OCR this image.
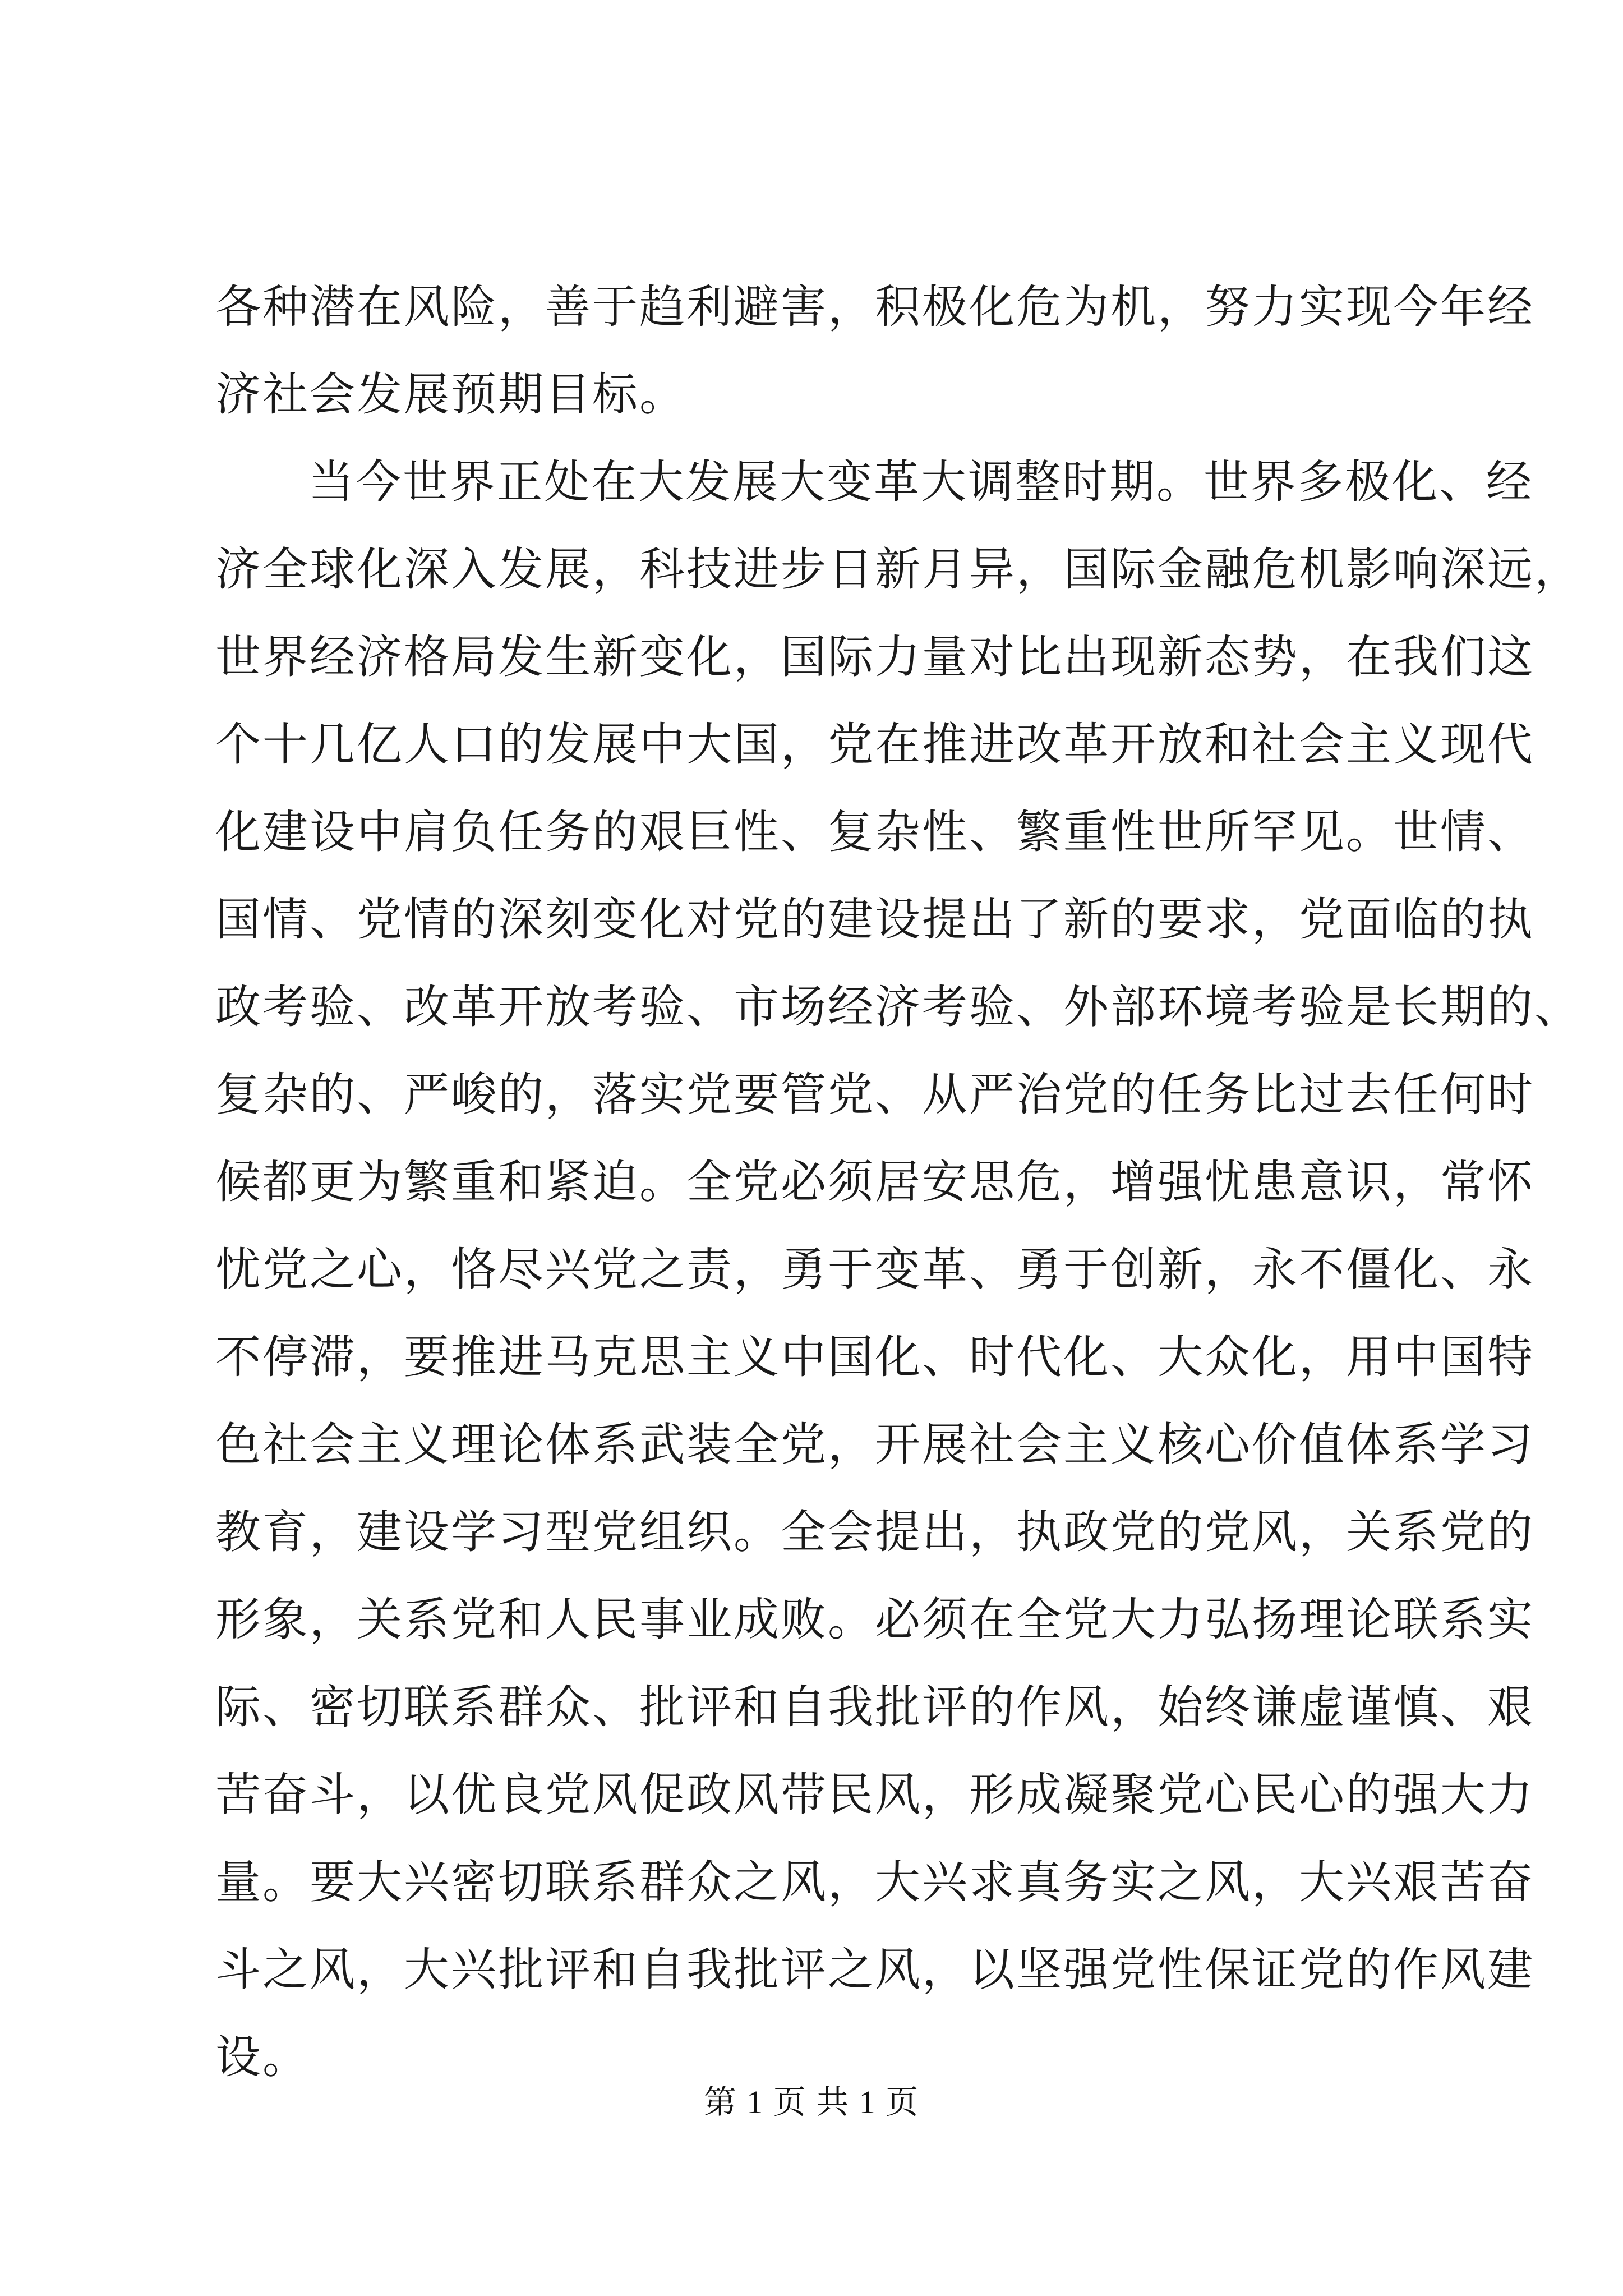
各种潜在风险，善于趋利避害，积极化危为机，努力实现今年经
济社会发展预期目标。
当今世界正处在大发展大变革大调整时期。世界多极化、经
济全球化深入发展，科技进步日新月异，国际金融危机影响深远，
世界经济格局发生新变化，国际力量对比出现新态势，在我们这
个十几亿人口的发展中大国，党在推进改革开放和社会主义现代
化建设中肩负任务的艰巨性、复杂性、繁重性世所罕见。世情、
国情、党情的深刻变化对党的建设提出了新的要求，党面临的执
政考验、改革开放考验、市场经济考验、外部环境考验是长期的、
复杂的、严峻的，落实党要管党、从严治党的任务比过去任何时
候都更为繁重和紧迫。全党必须居安思危，增强忧患意识，常怀
忧党之心，恪尽兴党之责，勇于变革、勇于创新，永不僵化、永
不停滞，要推进马克思主义中国化、时代化、大众化，用中国特
色社会主义理论体系武装全党，开展社会主义核心价值体系学习
教育，建设学习型党组织。全会提出，执政党的党风，关系党的
形象，关系党和人民事业成败。必须在全党大力弘扬理论联系实
际、密切联系群众、批评和自我批评的作风，始终谦虚谨慎、艰
苦奋斗，以优良党风促政风带民风，形成凝聚党心民心的强大力
量。要大兴密切联系群众之风，大兴求真务实之风，大兴艰苦奋
斗之风，大兴批评和自我批评之风，以坚强党性保证党的作风建
设。
第 1 页 共 1 页
